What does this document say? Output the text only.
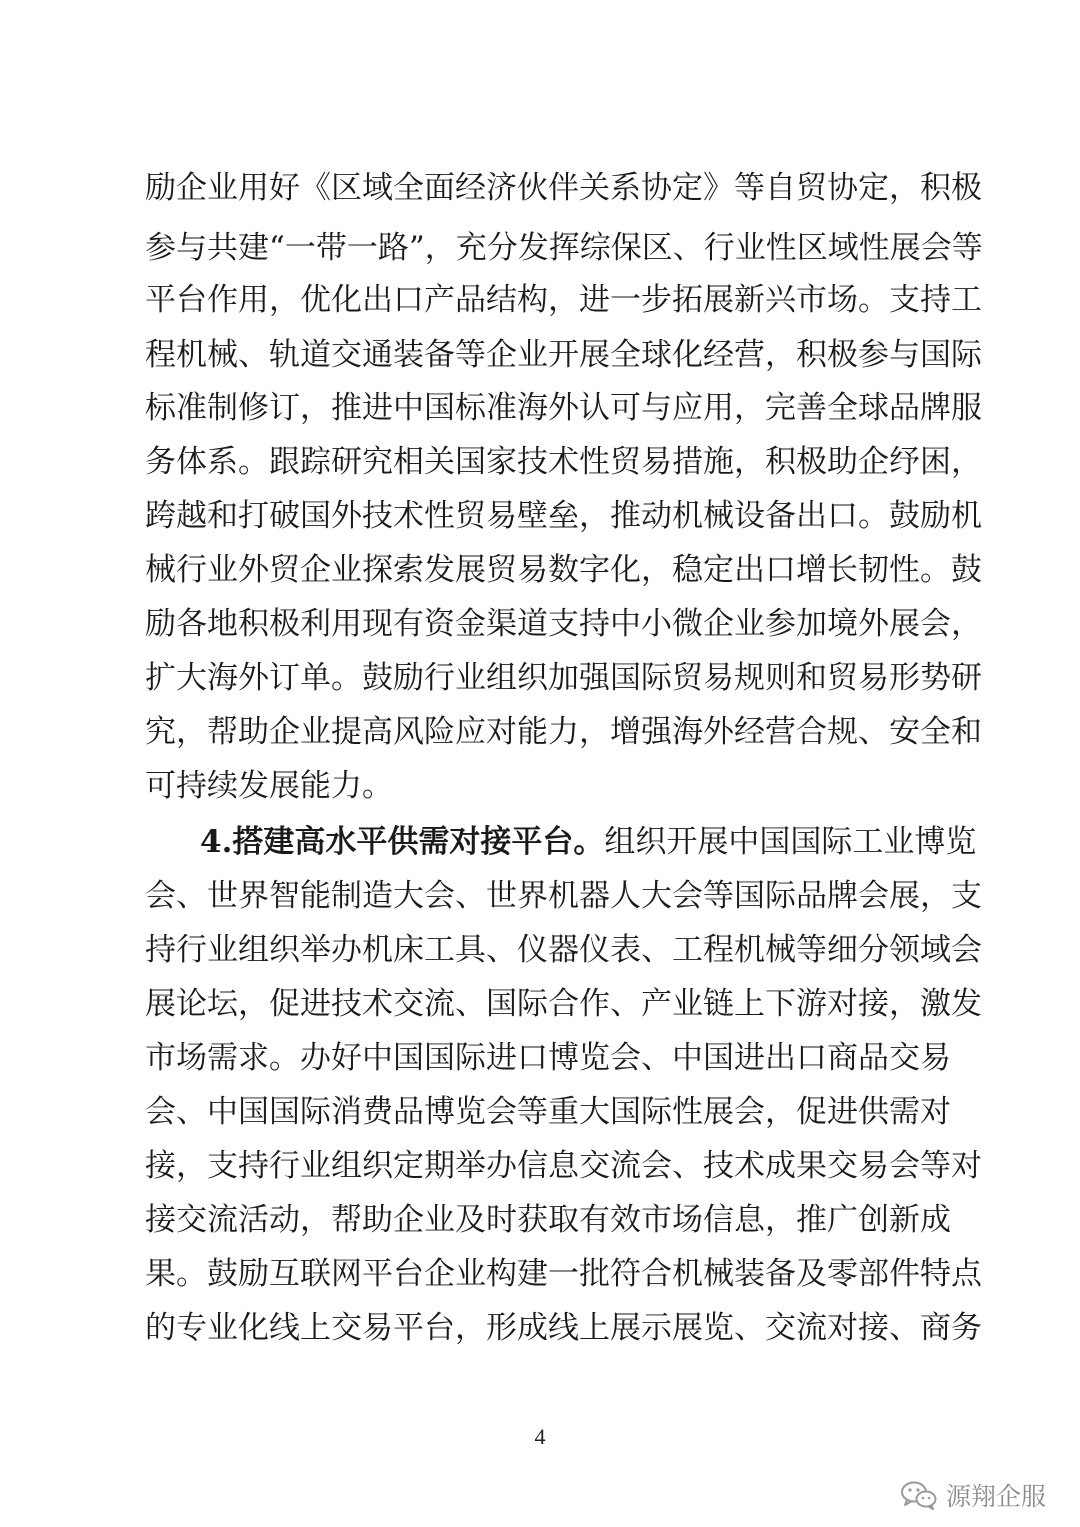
励企业用好《区域全面经济伙伴关系协定》等自贸协定，积极
参与共建“一带一路”，充分发挥综保区、行业性区域性展会等
平台作用，优化出口产品结构，进一步拓展新兴市场。支持工
程机械、轨道交通装备等企业开展全球化经营，积极参与国际
标准制修订，推进中国标准海外认可与应用，完善全球品牌服
务体系。跟踪研究相关国家技术性贸易措施，积极助企纾困，
跨越和打破国外技术性贸易壁垒，推动机械设备出口。鼓励机
械行业外贸企业探索发展贸易数字化，稳定出口增长韧性。鼓
励各地积极利用现有资金渠道支持中小微企业参加境外展会，
扩大海外订单。鼓励行业组织加强国际贸易规则和贸易形势研
究，帮助企业提高风险应对能力，增强海外经营合规、安全和
可持续发展能力。
4.搭建高水平供需对接平台。组织开展中国国际工业博览
会、世界智能制造大会、世界机器人大会等国际品牌会展，支
持行业组织举办机床工具、仪器仪表、工程机械等细分领域会
展论坛，促进技术交流、国际合作、产业链上下游对接，激发
市场需求。办好中国国际进口博览会、中国进出口商品交易
会、中国国际消费品博览会等重大国际性展会，促进供需对
接，支持行业组织定期举办信息交流会、技术成果交易会等对
接交流活动，帮助企业及时获取有效市场信息，推广创新成
果。鼓励互联网平台企业构建一批符合机械装备及零部件特点
的专业化线上交易平台，形成线上展示展览、交流对接、商务
4
源翔企服
